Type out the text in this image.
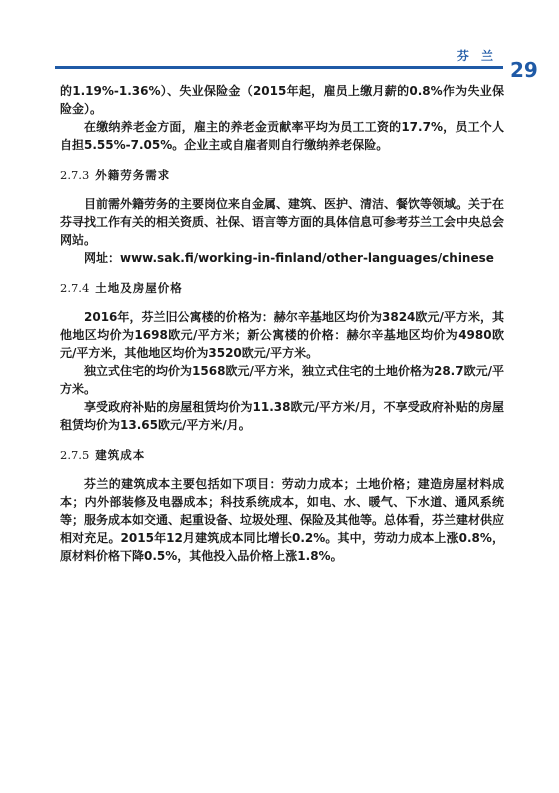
芬 兰
29

的1.19%-1.36%）、失业保险金（2015年起，雇员上缴月薪的0.8%作为失业保险金）。

在缴纳养老金方面，雇主的养老金贡献率平均为员工工资的17.7%，员工个人自担5.55%-7.05%。企业主或自雇者则自行缴纳养老保险。

2.7.3 外籍劳务需求

目前需外籍劳务的主要岗位来自金属、建筑、医护、清洁、餐饮等领域。关于在芬寻找工作有关的相关资质、社保、语言等方面的具体信息可参考芬兰工会中央总会网站。

网址：www.sak.fi/working-in-finland/other-languages/chinese

2.7.4 土地及房屋价格

2016年，芬兰旧公寓楼的价格为：赫尔辛基地区均价为3824欧元/平方米，其他地区均价为1698欧元/平方米；新公寓楼的价格：赫尔辛基地区均价为4980欧元/平方米，其他地区均价为3520欧元/平方米。

独立式住宅的均价为1568欧元/平方米，独立式住宅的土地价格为28.7欧元/平方米。

享受政府补贴的房屋租赁均价为11.38欧元/平方米/月，不享受政府补贴的房屋租赁均价为13.65欧元/平方米/月。

2.7.5 建筑成本

芬兰的建筑成本主要包括如下项目：劳动力成本；土地价格；建造房屋材料成本；内外部装修及电器成本；科技系统成本，如电、水、暖气、下水道、通风系统等；服务成本如交通、起重设备、垃圾处理、保险及其他等。总体看，芬兰建材供应相对充足。2015年12月建筑成本同比增长0.2%。其中，劳动力成本上涨0.8%，原材料价格下降0.5%，其他投入品价格上涨1.8%。
